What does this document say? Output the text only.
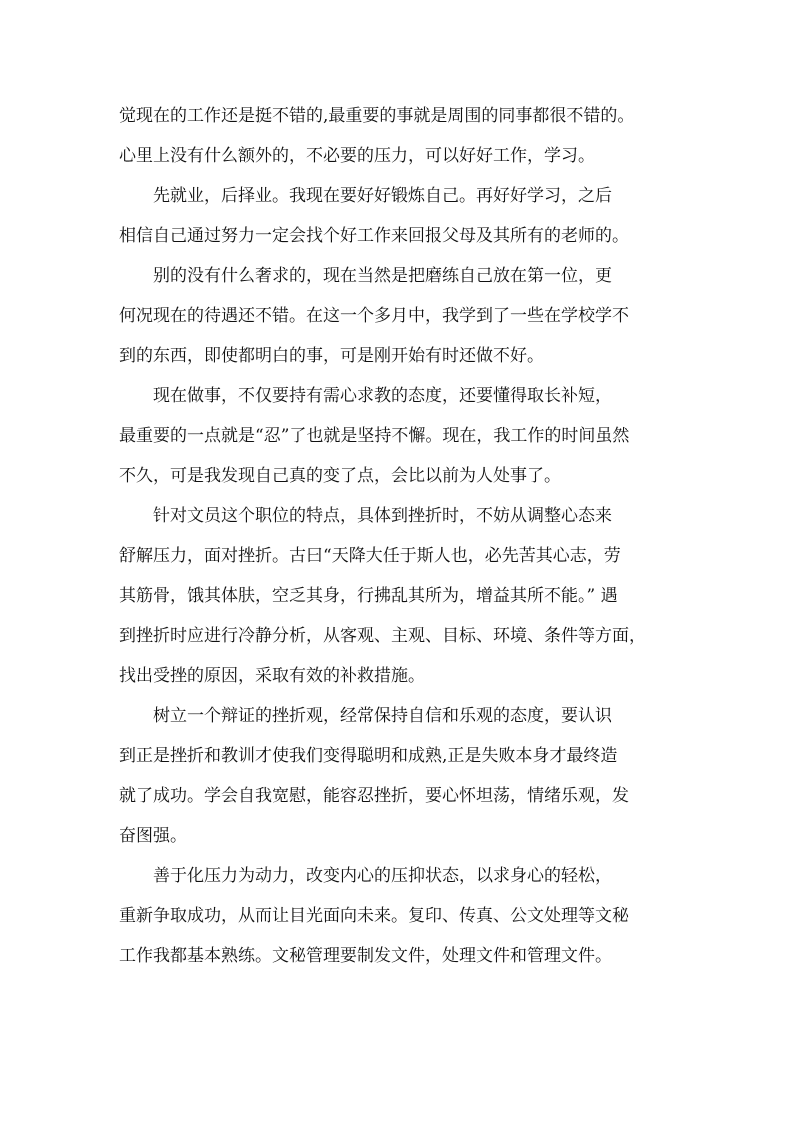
觉现在的工作还是挺不错的,最重要的事就是周围的同事都很不错的。
心里上没有什么额外的，不必要的压力，可以好好工作，学习。
先就业，后择业。我现在要好好锻炼自己。再好好学习，之后
相信自己通过努力一定会找个好工作来回报父母及其所有的老师的。
别的没有什么奢求的，现在当然是把磨练自己放在第一位，更
何况现在的待遇还不错。在这一个多月中，我学到了一些在学校学不
到的东西，即使都明白的事，可是刚开始有时还做不好。
现在做事，不仅要持有需心求教的态度，还要懂得取长补短，
最重要的一点就是“忍”了也就是坚持不懈。现在，我工作的时间虽然
不久，可是我发现自己真的变了点，会比以前为人处事了。
针对文员这个职位的特点，具体到挫折时，不妨从调整心态来
舒解压力，面对挫折。古曰“天降大任于斯人也，必先苦其心志，劳
其筋骨，饿其体肤，空乏其身，行拂乱其所为，增益其所不能。” 遇
到挫折时应进行冷静分析，从客观、主观、目标、环境、条件等方面，
找出受挫的原因，采取有效的补救措施。
树立一个辩证的挫折观，经常保持自信和乐观的态度，要认识
到正是挫折和教训才使我们变得聪明和成熟,正是失败本身才最终造
就了成功。学会自我宽慰，能容忍挫折，要心怀坦荡，情绪乐观，发
奋图强。
善于化压力为动力，改变内心的压抑状态，以求身心的轻松，
重新争取成功，从而让目光面向未来。复印、传真、公文处理等文秘
工作我都基本熟练。文秘管理要制发文件，处理文件和管理文件。
